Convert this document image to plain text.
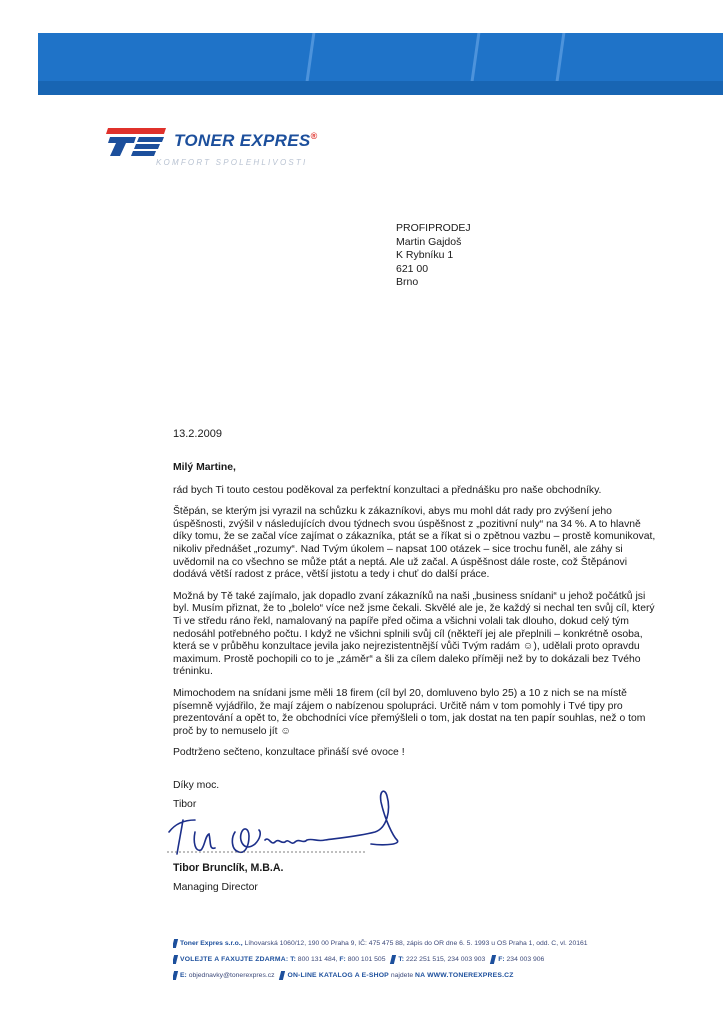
TONER EXPRES®
KOMFORT SPOLEHLIVOSTI
PROFIPRODEJ
Martin Gajdoš
K Rybníku 1
621 00
Brno
13.2.2009

Milý Martine,

rád bych Ti touto cestou poděkoval za perfektní konzultaci a přednášku pro naše obchodníky.

Štěpán, se kterým jsi vyrazil na schůzku k zákazníkovi, abys mu mohl dát rady pro zvýšení jeho úspěšnosti, zvýšil v následujících dvou týdnech svou úspěšnost z „pozitivní nuly“ na 34 %. A to hlavně díky tomu, že se začal více zajímat o zákazníka, ptát se a říkat si o zpětnou vazbu – prostě komunikovat, nikoliv přednášet „rozumy“. Nad Tvým úkolem – napsat 100 otázek – sice trochu funěl, ale záhy si uvědomil na co všechno se může ptát a neptá. Ale už začal. A úspěšnost dále roste, což Štěpánovi dodává větší radost z práce, větší jistotu a tedy i chuť do další práce.

Možná by Tě také zajímalo, jak dopadlo zvaní zákazníků na naši „business snídani“ u jehož počátků jsi byl. Musím přiznat, že to „bolelo“ více než jsme čekali. Skvělé ale je, že každý si nechal ten svůj cíl, který Ti ve středu ráno řekl, namalovaný na papíře před očima a všichni volali tak dlouho, dokud celý tým nedosáhl potřebného počtu. I když ne všichni splnili svůj cíl (někteří jej ale přeplnili – konkrétně osoba, která se v průběhu konzultace jevila jako nejrezistentnější vůči Tvým radám ☺), udělali proto opravdu maximum. Prostě pochopili co to je „záměr“ a šli za cílem daleko příměji než by to dokázali bez Tvého tréninku.

Mimochodem na snídani jsme měli 18 firem (cíl byl 20, domluveno bylo 25) a 10 z nich se na místě písemně vyjádřilo, že mají zájem o nabízenou spolupráci. Určitě nám v tom pomohly i Tvé tipy pro prezentování a opět to, že obchodníci více přemýšleli o tom, jak dostat na ten papír souhlas, než o tom proč by to nemuselo jít ☺

Podtrženo sečteno, konzultace přináší své ovoce !

Díky moc.
Tibor
Tibor Brunclík, M.B.A.
Managing Director
Toner Expres s.r.o., Líhovarská 1060/12, 190 00 Praha 9, IČ: 475 475 88, zápis do OR dne 6. 5. 1993 u OS Praha 1, odd. C, vl. 20161
VOLEJTE A FAXUJTE ZDARMA: T: 800 131 484, F: 800 101 505 T: 222 251 515, 234 003 903 F: 234 003 906
E: objednavky@tonerexpres.cz ON-LINE KATALOG A E-SHOP najdete NA WWW.TONEREXPRES.CZ
